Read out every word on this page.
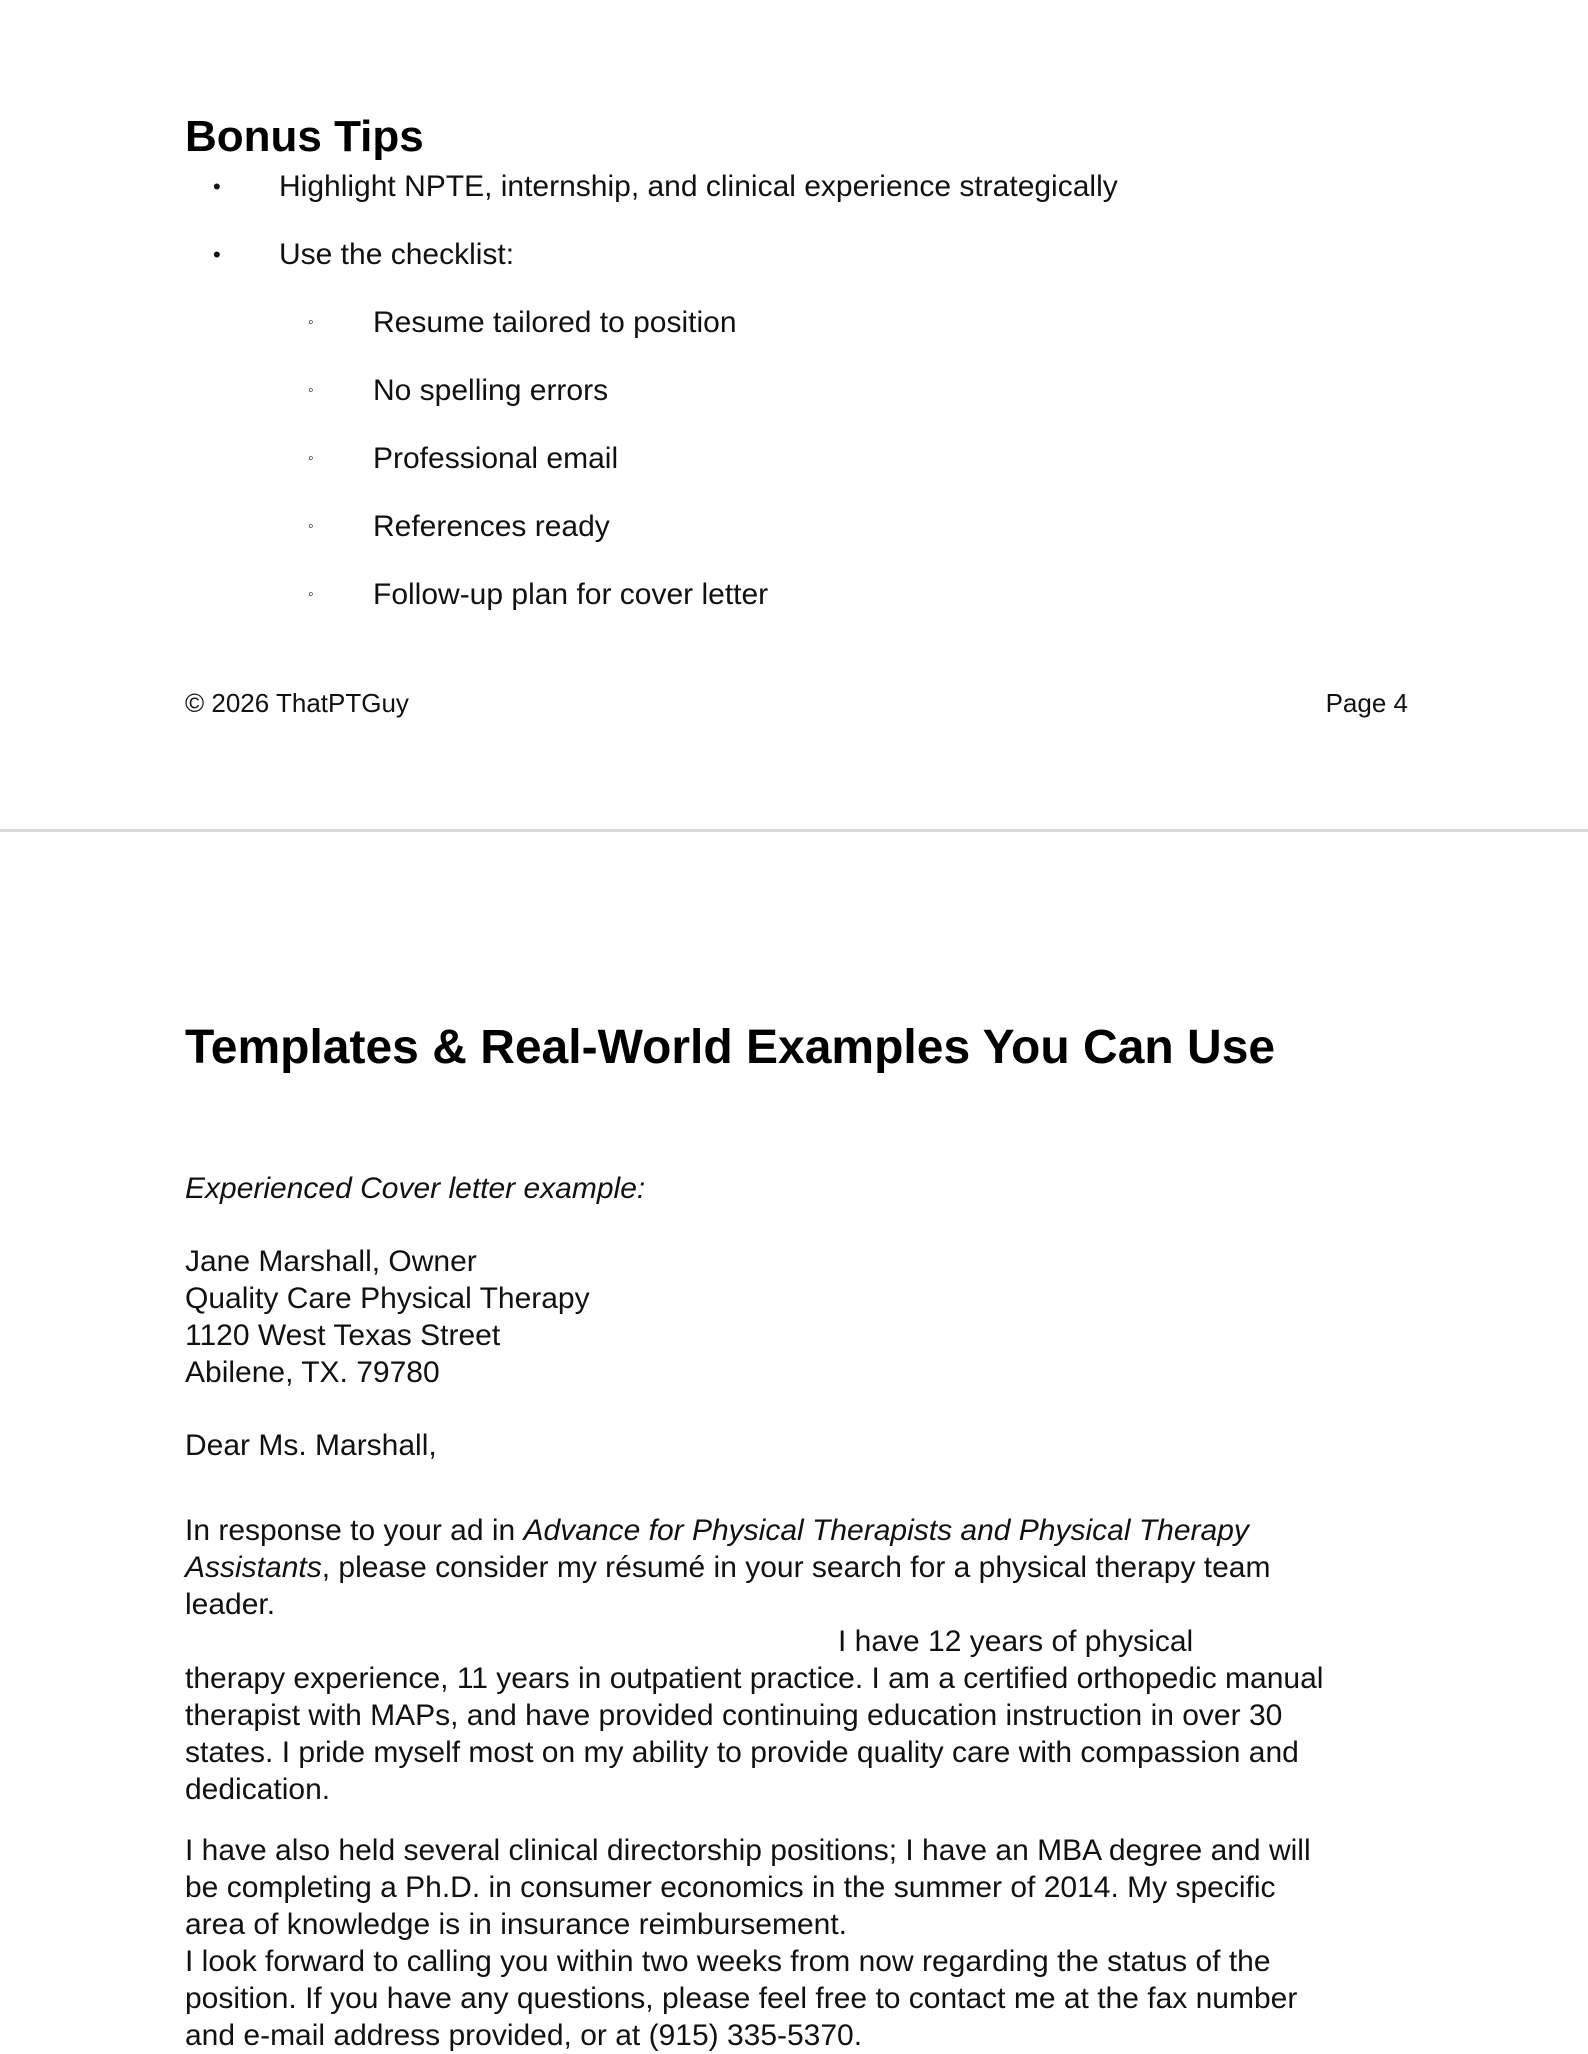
Bonus Tips
• Highlight NPTE, internship, and clinical experience strategically
• Use the checklist:
◦ Resume tailored to position
◦ No spelling errors
◦ Professional email
◦ References ready
◦ Follow-up plan for cover letter
© 2026 ThatPTGuy	Page 4
Templates & Real-World Examples You Can Use
Experienced Cover letter example:
Jane Marshall, Owner
Quality Care Physical Therapy
1120 West Texas Street
Abilene, TX. 79780
Dear Ms. Marshall,
In response to your ad in Advance for Physical Therapists and Physical Therapy Assistants, please consider my résumé in your search for a physical therapy team leader.
I have 12 years of physical
therapy experience, 11 years in outpatient practice. I am a certified orthopedic manual therapist with MAPs, and have provided continuing education instruction in over 30 states. I pride myself most on my ability to provide quality care with compassion and dedication.
I have also held several clinical directorship positions; I have an MBA degree and will be completing a Ph.D. in consumer economics in the summer of 2014. My specific area of knowledge is in insurance reimbursement.
I look forward to calling you within two weeks from now regarding the status of the position. If you have any questions, please feel free to contact me at the fax number and e-mail address provided, or at (915) 335-5370.
